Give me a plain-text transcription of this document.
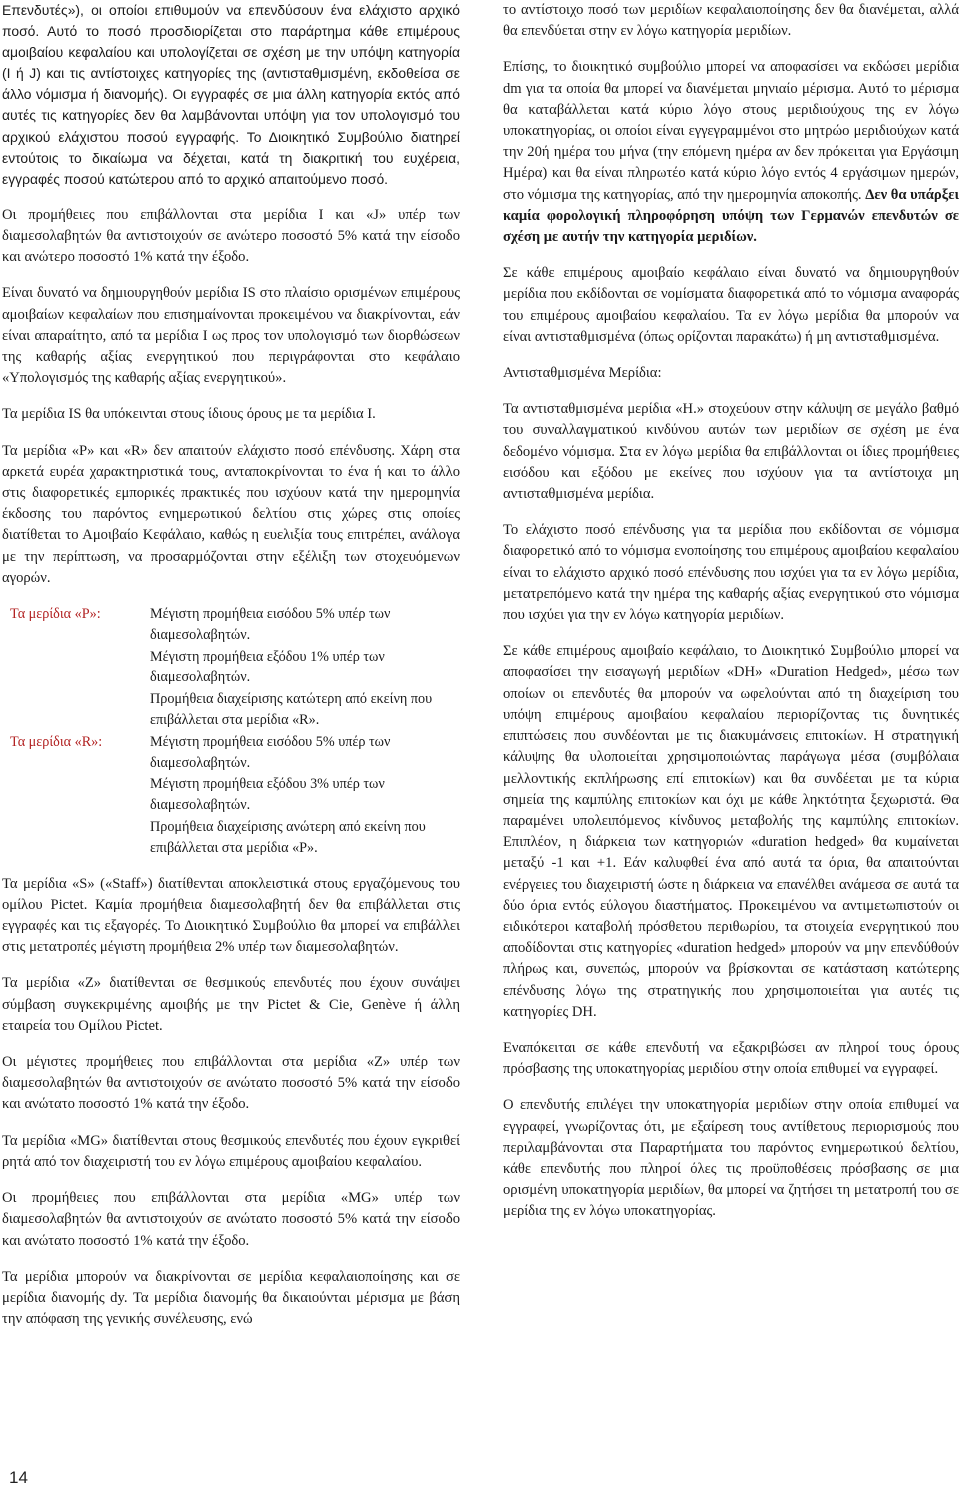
Επενδυτές»), οι οποίοι επιθυμούν να επενδύσουν ένα ελάχιστο αρχικό ποσό. Αυτό το ποσό προσδιορίζεται στο παράρτημα κάθε επιμέρους αμοιβαίου κεφαλαίου και υπολογίζεται σε σχέση με την υπόψη κατηγορία (Ι ή J) και τις αντίστοιχες κατηγορίες της (αντισταθμισμένη, εκδοθείσα σε άλλο νόμισμα ή διανομής). Οι εγγραφές σε μια άλλη κατηγορία εκτός από αυτές τις κατηγορίες δεν θα λαμβάνονται υπόψη για τον υπολογισμό του αρχικού ελάχιστου ποσού εγγραφής. Το Διοικητικό Συμβούλιο διατηρεί εντούτοις το δικαίωμα να δέχεται, κατά τη διακριτική του ευχέρεια, εγγραφές ποσού κατώτερου από το αρχικό απαιτούμενο ποσό.

Οι προμήθειες που επιβάλλονται στα μερίδια I και «J» υπέρ των διαμεσολαβητών θα αντιστοιχούν σε ανώτερο ποσοστό 5% κατά την είσοδο και ανώτερο ποσοστό 1% κατά την έξοδο.

Είναι δυνατό να δημιουργηθούν μερίδια IS στο πλαίσιο ορισμένων επιμέρους αμοιβαίων κεφαλαίων που επισημαίνονται προκειμένου να διακρίνονται, εάν είναι απαραίτητο, από τα μερίδια I ως προς τον υπολογισμό των διορθώσεων της καθαρής αξίας ενεργητικού που περιγράφονται στο κεφάλαιο «Υπολογισμός της καθαρής αξίας ενεργητικού».

Τα μερίδια IS θα υπόκεινται στους ίδιους όρους με τα μερίδια I.

Τα μερίδια «P» και «R» δεν απαιτούν ελάχιστο ποσό επένδυσης. Χάρη στα αρκετά ευρέα χαρακτηριστικά τους, ανταποκρίνονται το ένα ή και το άλλο στις διαφορετικές εμπορικές πρακτικές που ισχύουν κατά την ημερομηνία έκδοσης του παρόντος ενημερωτικού δελτίου στις χώρες στις οποίες διατίθεται το Αμοιβαίο Κεφάλαιο, καθώς η ευελιξία τους επιτρέπει, ανάλογα με την περίπτωση, να προσαρμόζονται στην εξέλιξη των στοχευόμενων αγορών.

Τα μερίδια «P»:	Μέγιστη προμήθεια εισόδου 5% υπέρ των διαμεσολαβητών.
Μέγιστη προμήθεια εξόδου 1% υπέρ των διαμεσολαβητών.
Προμήθεια διαχείρισης κατώτερη από εκείνη που επιβάλλεται στα μερίδια «R».
Τα μερίδια «R»:	Μέγιστη προμήθεια εισόδου 5% υπέρ των διαμεσολαβητών.
Μέγιστη προμήθεια εξόδου 3% υπέρ των διαμεσολαβητών.
Προμήθεια διαχείρισης ανώτερη από εκείνη που επιβάλλεται στα μερίδια «P».

Τα μερίδια «S» («Staff») διατίθενται αποκλειστικά στους εργαζόμενους του ομίλου Pictet. Καμία προμήθεια διαμεσολαβητή δεν θα επιβάλλεται στις εγγραφές και τις εξαγορές. Το Διοικητικό Συμβούλιο θα μπορεί να επιβάλλει στις μετατροπές μέγιστη προμήθεια 2% υπέρ των διαμεσολαβητών.

Τα μερίδια «Z» διατίθενται σε θεσμικούς επενδυτές που έχουν συνάψει σύμβαση συγκεκριμένης αμοιβής με την Pictet & Cie, Genève ή άλλη εταιρεία του Ομίλου Pictet.

Οι μέγιστες προμήθειες που επιβάλλονται στα μερίδια «Z» υπέρ των διαμεσολαβητών θα αντιστοιχούν σε ανώτατο ποσοστό 5% κατά την είσοδο και ανώτατο ποσοστό 1% κατά την έξοδο.

Τα μερίδια «MG» διατίθενται στους θεσμικούς επενδυτές που έχουν εγκριθεί ρητά από τον διαχειριστή του εν λόγω επιμέρους αμοιβαίου κεφαλαίου.

Οι προμήθειες που επιβάλλονται στα μερίδια «MG» υπέρ των διαμεσολαβητών θα αντιστοιχούν σε ανώτατο ποσοστό 5% κατά την είσοδο και ανώτατο ποσοστό 1% κατά την έξοδο.

Τα μερίδια μπορούν να διακρίνονται σε μερίδια κεφαλαιοποίησης και σε μερίδια διανομής dy. Τα μερίδια διανομής θα δικαιούνται μέρισμα με βάση την απόφαση της γενικής συνέλευσης, ενώ

το αντίστοιχο ποσό των μεριδίων κεφαλαιοποίησης δεν θα διανέμεται, αλλά θα επενδύεται στην εν λόγω κατηγορία μεριδίων.

Επίσης, το διοικητικό συμβούλιο μπορεί να αποφασίσει να εκδώσει μερίδια dm για τα οποία θα μπορεί να διανέμεται μηνιαίο μέρισμα. Αυτό το μέρισμα θα καταβάλλεται κατά κύριο λόγο στους μεριδιούχους της εν λόγω υποκατηγορίας, οι οποίοι είναι εγγεγραμμένοι στο μητρώο μεριδιούχων κατά την 20ή ημέρα του μήνα (την επόμενη ημέρα αν δεν πρόκειται για Εργάσιμη Ημέρα) και θα είναι πληρωτέο κατά κύριο λόγο εντός 4 εργάσιμων ημερών, στο νόμισμα της κατηγορίας, από την ημερομηνία αποκοπής. Δεν θα υπάρξει καμία φορολογική πληροφόρηση υπόψη των Γερμανών επενδυτών σε σχέση με αυτήν την κατηγορία μεριδίων.

Σε κάθε επιμέρους αμοιβαίο κεφάλαιο είναι δυνατό να δημιουργηθούν μερίδια που εκδίδονται σε νομίσματα διαφορετικά από το νόμισμα αναφοράς του επιμέρους αμοιβαίου κεφαλαίου. Τα εν λόγω μερίδια θα μπορούν να είναι αντισταθμισμένα (όπως ορίζονται παρακάτω) ή μη αντισταθμισμένα.

Αντισταθμισμένα Μερίδια:

Τα αντισταθμισμένα μερίδια «H.» στοχεύουν στην κάλυψη σε μεγάλο βαθμό του συναλλαγματικού κινδύνου αυτών των μεριδίων σε σχέση με ένα δεδομένο νόμισμα. Στα εν λόγω μερίδια θα επιβάλλονται οι ίδιες προμήθειες εισόδου και εξόδου με εκείνες που ισχύουν για τα αντίστοιχα μη αντισταθμισμένα μερίδια.

Το ελάχιστο ποσό επένδυσης για τα μερίδια που εκδίδονται σε νόμισμα διαφορετικό από το νόμισμα ενοποίησης του επιμέρους αμοιβαίου κεφαλαίου είναι το ελάχιστο αρχικό ποσό επένδυσης που ισχύει για τα εν λόγω μερίδια, μετατρεπόμενο κατά την ημέρα της καθαρής αξίας ενεργητικού στο νόμισμα που ισχύει για την εν λόγω κατηγορία μεριδίων.

Σε κάθε επιμέρους αμοιβαίο κεφάλαιο, το Διοικητικό Συμβούλιο μπορεί να αποφασίσει την εισαγωγή μεριδίων «DH» «Duration Hedged», μέσω των οποίων οι επενδυτές θα μπορούν να ωφελούνται από τη διαχείριση του υπόψη επιμέρους αμοιβαίου κεφαλαίου περιορίζοντας τις δυνητικές επιπτώσεις που συνδέονται με τις διακυμάνσεις επιτοκίων. Η στρατηγική κάλυψης θα υλοποιείται χρησιμοποιώντας παράγωγα μέσα (συμβόλαια μελλοντικής εκπλήρωσης επί επιτοκίων) και θα συνδέεται με τα κύρια σημεία της καμπύλης επιτοκίων και όχι με κάθε ληκτότητα ξεχωριστά. Θα παραμένει υπολειπόμενος κίνδυνος μεταβολής της καμπύλης επιτοκίων. Επιπλέον, η διάρκεια των κατηγοριών «duration hedged» θα κυμαίνεται μεταξύ -1 και +1. Εάν καλυφθεί ένα από αυτά τα όρια, θα απαιτούνται ενέργειες του διαχειριστή ώστε η διάρκεια να επανέλθει ανάμεσα σε αυτά τα δύο όρια εντός εύλογου διαστήματος. Προκειμένου να αντιμετωπιστούν οι ειδικότεροι καταβολή πρόσθετου περιθωρίου, τα στοιχεία ενεργητικού που αποδίδονται στις κατηγορίες «duration hedged» μπορούν να μην επενδύθούν πλήρως και, συνεπώς, μπορούν να βρίσκονται σε κατάσταση κατώτερης επένδυσης λόγω της στρατηγικής που χρησιμοποιείται για αυτές τις κατηγορίες DH.

Εναπόκειται σε κάθε επενδυτή να εξακριβώσει αν πληροί τους όρους πρόσβασης της υποκατηγορίας μεριδίου στην οποία επιθυμεί να εγγραφεί.

Ο επενδυτής επιλέγει την υποκατηγορία μεριδίων στην οποία επιθυμεί να εγγραφεί, γνωρίζοντας ότι, με εξαίρεση τους αντίθετους περιορισμούς που περιλαμβάνονται στα Παραρτήματα του παρόντος ενημερωτικού δελτίου, κάθε επενδυτής που πληροί όλες τις προϋποθέσεις πρόσβασης σε μια ορισμένη υποκατηγορία μεριδίων, θα μπορεί να ζητήσει τη μετατροπή του σε μερίδια της εν λόγω υποκατηγορίας.

14
